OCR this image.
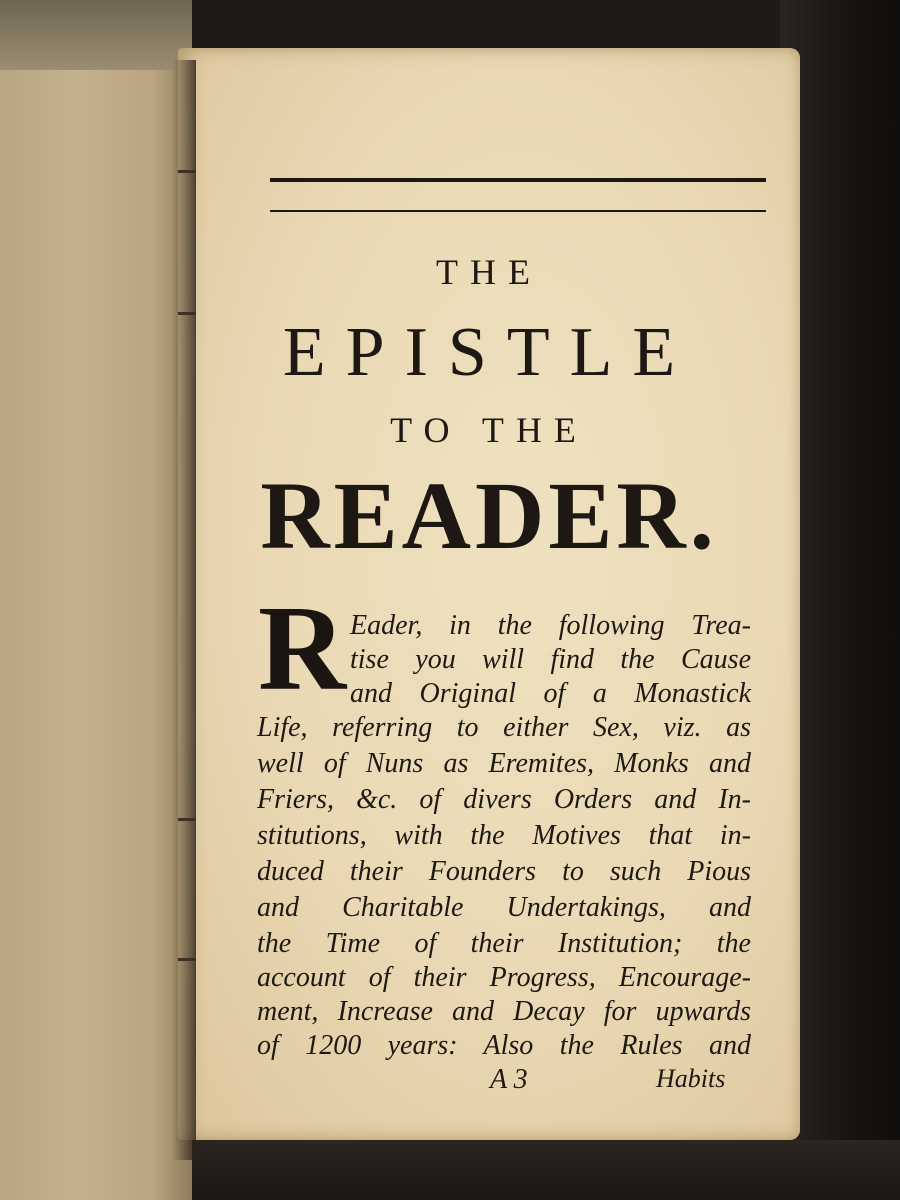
THE
EPISTLE
TO THE
READER.
R Eader, in the following Trea-

tise you will find the Cause

and Original of a Monastick

Life, referring to either Sex, viz. as

well of Nuns as Eremites, Monks and

Friers, &c. of divers Orders and In-

stitutions, with the Motives that in-

duced their Founders to such Pious

and Charitable Undertakings, and

the Time of their Institution; the

account of their Progress, Encourage-

ment, Increase and Decay for upwards

of 1200 years: Also the Rules and

A 3	Habits
